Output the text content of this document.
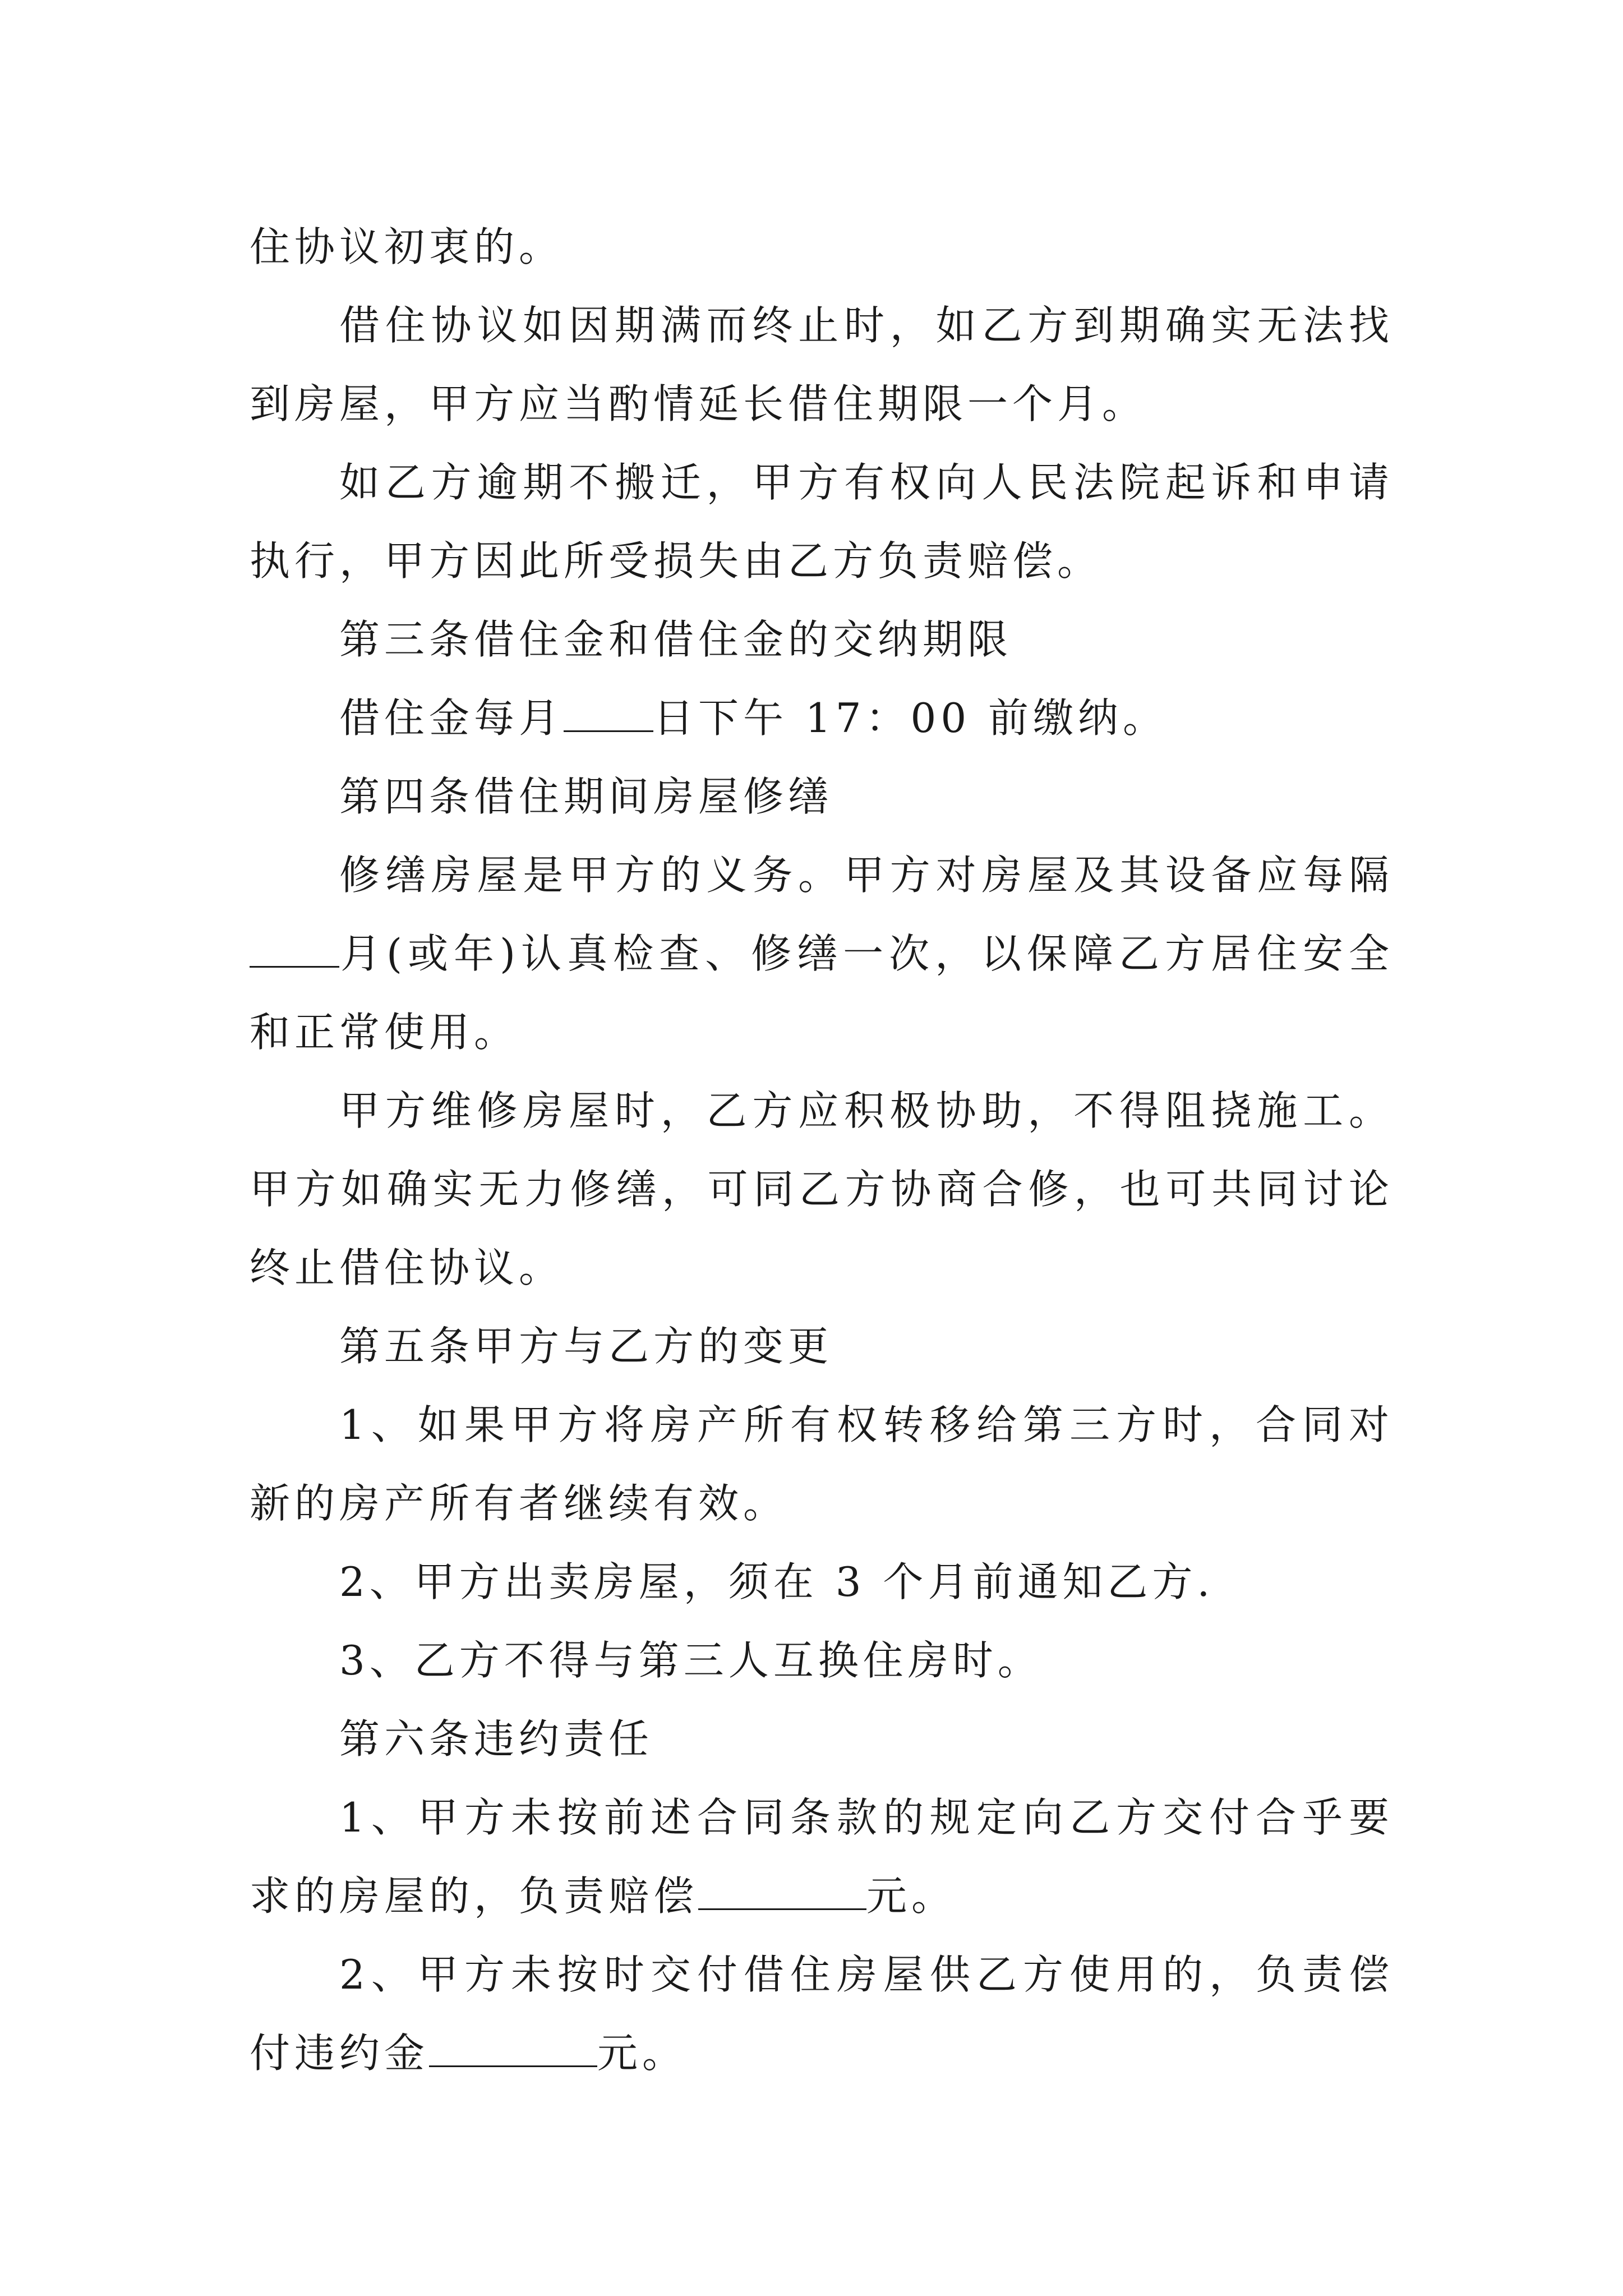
住协议初衷的。

借住协议如因期满而终止时，如乙方到期确实无法找到房屋，甲方应当酌情延长借住期限一个月。

如乙方逾期不搬迁，甲方有权向人民法院起诉和申请执行，甲方因此所受损失由乙方负责赔偿。

第三条借住金和借住金的交纳期限

借住金每月 日下午 17：00 前缴纳。

第四条借住期间房屋修缮

修缮房屋是甲方的义务。甲方对房屋及其设备应每隔月(或年)认真检查、修缮一次，以保障乙方居住安全和正常使用。

甲方维修房屋时，乙方应积极协助，不得阻挠施工。甲方如确实无力修缮，可同乙方协商合修，也可共同讨论终止借住协议。

第五条甲方与乙方的变更

1、如果甲方将房产所有权转移给第三方时，合同对新的房产所有者继续有效。

2、甲方出卖房屋，须在 3 个月前通知乙方.

3、乙方不得与第三人互换住房时。

第六条违约责任

1、甲方未按前述合同条款的规定向乙方交付合乎要求的房屋的，负责赔偿	元。

2、甲方未按时交付借住房屋供乙方使用的，负责偿付违约金	元。
